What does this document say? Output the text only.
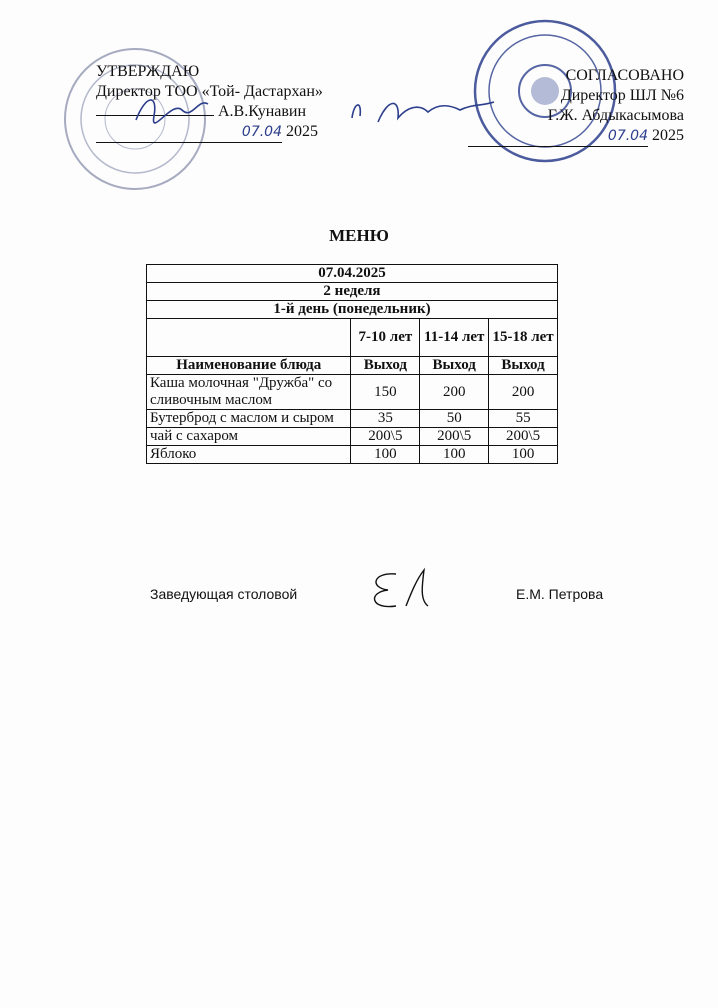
УТВЕРЖДАЮ
Директор ТОО «Той- Дастархан»
А.В.Кунавин
07.04 2025
СОГЛАСОВАНО
Директор ШЛ №6
Г.Ж. Абдыкасымова
07.04 2025
МЕНЮ
07.04.2025			
2 неделя			
1-й день (понедельник)			
	7-10 лет	11-14 лет	15-18 лет
Наименование блюда	Выход	Выход	Выход
Каша молочная "Дружба" со сливочным маслом	150	200	200
Бутерброд с маслом и сыром	35	50	55
чай с сахаром	200\5	200\5	200\5
Яблоко	100	100	100
Заведующая столовой	Е.М. Петрова
